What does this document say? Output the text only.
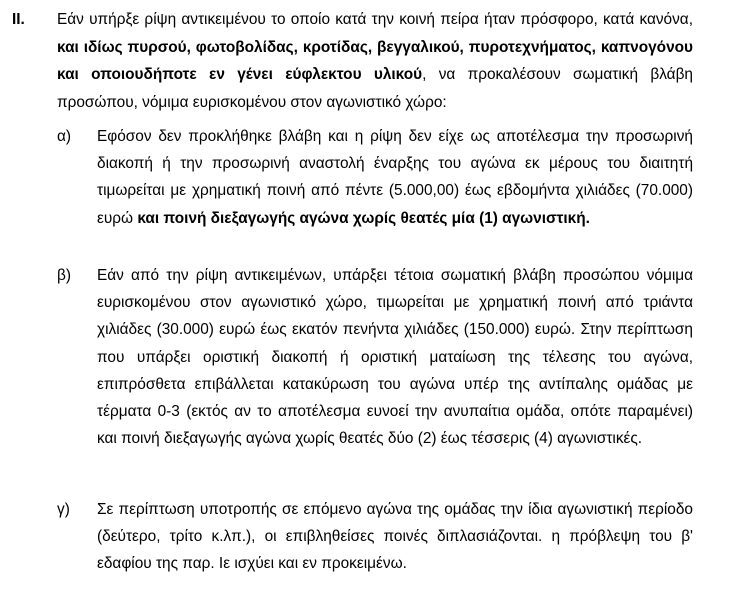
II. Εάν υπήρξε ρίψη αντικειμένου το οποίο κατά την κοινή πείρα ήταν πρόσφορο, κατά κανόνα, και ιδίως πυρσού, φωτοβολίδας, κροτίδας, βεγγαλικού, πυροτεχνήματος, καπνογόνου και οποιουδήποτε εν γένει εύφλεκτου υλικού, να προκαλέσουν σωματική βλάβη προσώπου, νόμιμα ευρισκομένου στον αγωνιστικό χώρο:
α) Εφόσον δεν προκλήθηκε βλάβη και η ρίψη δεν είχε ως αποτέλεσμα την προσωρινή διακοπή ή την προσωρινή αναστολή έναρξης του αγώνα εκ μέρους του διαιτητή τιμωρείται με χρηματική ποινή από πέντε (5.000,00) έως εβδομήντα χιλιάδες (70.000) ευρώ και ποινή διεξαγωγής αγώνα χωρίς θεατές μία (1) αγωνιστική.
β) Εάν από την ρίψη αντικειμένων, υπάρξει τέτοια σωματική βλάβη προσώπου νόμιμα ευρισκομένου στον αγωνιστικό χώρο, τιμωρείται με χρηματική ποινή από τριάντα χιλιάδες (30.000) ευρώ έως εκατόν πενήντα χιλιάδες (150.000) ευρώ. Στην περίπτωση που υπάρξει οριστική διακοπή ή οριστική ματαίωση της τέλεσης του αγώνα, επιπρόσθετα επιβάλλεται κατακύρωση του αγώνα υπέρ της αντίπαλης ομάδας με τέρματα 0-3 (εκτός αν το αποτέλεσμα ευνοεί την ανυπαίτια ομάδα, οπότε παραμένει) και ποινή διεξαγωγής αγώνα χωρίς θεατές δύο (2) έως τέσσερις (4) αγωνιστικές.
γ) Σε περίπτωση υποτροπής σε επόμενο αγώνα της ομάδας την ίδια αγωνιστική περίοδο (δεύτερο, τρίτο κ.λπ.), οι επιβληθείσες ποινές διπλασιάζονται. η πρόβλεψη του β' εδαφίου της παρ. Ιε ισχύει και εν προκειμένω.
